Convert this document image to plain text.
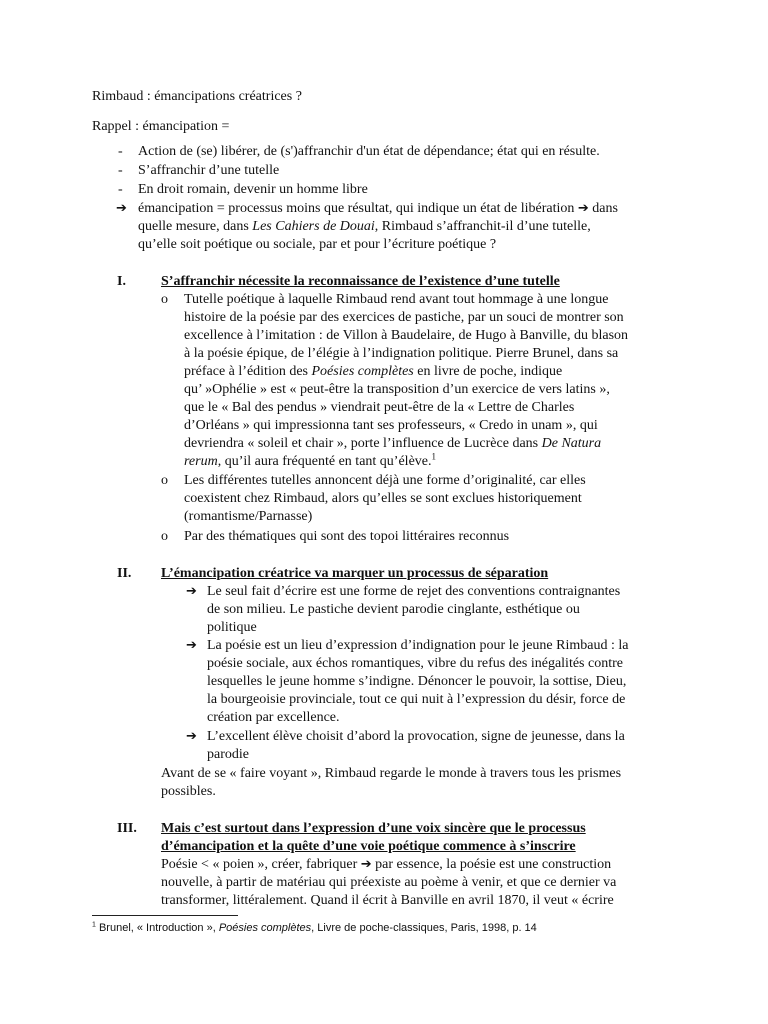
Rimbaud : émancipations créatrices ?
Rappel : émancipation =
- Action de (se) libérer, de (s')affranchir d'un état de dépendance; état qui en résulte.
- S’affranchir d’une tutelle
- En droit romain, devenir un homme libre
➔ émancipation = processus moins que résultat, qui indique un état de libération ➔ dans
quelle mesure, dans Les Cahiers de Douai, Rimbaud s’affranchit-il d’une tutelle,
qu’elle soit poétique ou sociale, par et pour l’écriture poétique ?
I.	S’affranchir nécessite la reconnaissance de l’existence d’une tutelle
o Tutelle poétique à laquelle Rimbaud rend avant tout hommage à une longue
histoire de la poésie par des exercices de pastiche, par un souci de montrer son
excellence à l’imitation : de Villon à Baudelaire, de Hugo à Banville, du blason
à la poésie épique, de l’élégie à l’indignation politique. Pierre Brunel, dans sa
préface à l’édition des Poésies complètes en livre de poche, indique
qu’ »Ophélie » est « peut-être la transposition d’un exercice de vers latins »,
que le « Bal des pendus » viendrait peut-être de la « Lettre de Charles
d’Orléans » qui impressionna tant ses professeurs, « Credo in unam », qui
devriendra « soleil et chair », porte l’influence de Lucrèce dans De Natura
rerum, qu’il aura fréquenté en tant qu’élève.$^1$
o Les différentes tutelles annoncent déjà une forme d’originalité, car elles
coexistent chez Rimbaud, alors qu’elles se sont exclues historiquement
(romantisme/Parnasse)
o Par des thématiques qui sont des topoi littéraires reconnus
II. L’émancipation créatrice va marquer un processus de séparation
➔ Le seul fait d’écrire est une forme de rejet des conventions contraignantes
de son milieu. Le pastiche devient parodie cinglante, esthétique ou
politique
➔ La poésie est un lieu d’expression d’indignation pour le jeune Rimbaud : la
poésie sociale, aux échos romantiques, vibre du refus des inégalités contre
lesquelles le jeune homme s’indigne. Dénoncer le pouvoir, la sottise, Dieu,
la bourgeoisie provinciale, tout ce qui nuit à l’expression du désir, force de
création par excellence.
➔ L’excellent élève choisit d’abord la provocation, signe de jeunesse, dans la
parodie
Avant de se « faire voyant », Rimbaud regarde le monde à travers tous les prismes
possibles.
III. Mais c’est surtout dans l’expression d’une voix sincère que le processus
d’émancipation et la quête d’une voie poétique commence à s’inscrire
Poésie < « poien », créer, fabriquer ➔ par essence, la poésie est une construction
nouvelle, à partir de matériau qui préexiste au poème à venir, et que ce dernier va
transformer, littéralement. Quand il écrit à Banville en avril 1870, il veut « écrire
$^1$ Brunel, « Introduction », Poésies complètes, Livre de poche-classiques, Paris, 1998, p. 14
